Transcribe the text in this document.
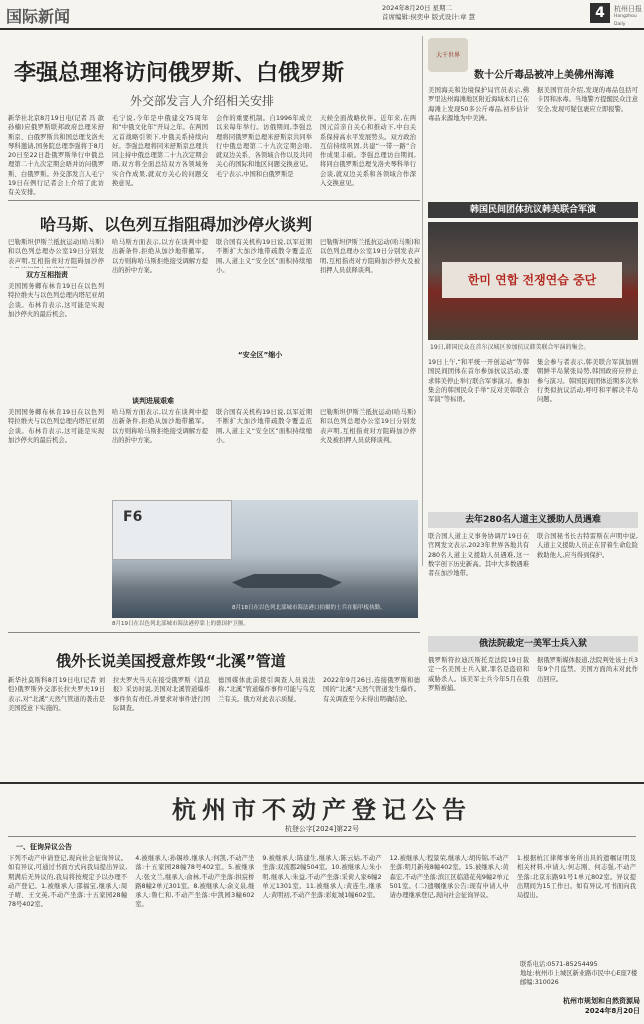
国际新闻	2024年8月20日 星期二
首席编辑:侯奕申 版式设计:章 慧	4	杭州日报
Hangzhou Daily
李强总理将访问俄罗斯、白俄罗斯
外交部发言人介绍相关安排

新华社北京8月19日电(记者 冯 歆 孙楠)应俄罗斯联邦政府总理米舒斯京、白俄罗斯共和国总理戈洛夫琴科邀请,国务院总理李强将于8月20日至22日赴俄罗斯举行中俄总理第二十九次定期会晤并访问俄罗斯、白俄罗斯。外交部发言人毛宁19日在例行记者会上介绍了此访有关安排。

毛宁说,今年是中俄建交75周年和“中俄文化年”开局之年。在两国元首战略引领下,中俄关系持续向好。李强总理将同米舒斯京总理共同主持中俄总理第二十九次定期会晤,双方将全面总结双方各领域务实合作成果,就双方关心的问题交换意见。

会作的重要机制。自1996年成立以来每年举行。访俄期间,李强总理将同俄罗斯总理米舒斯京共同举行中俄总理第二十九次定期会晤,就双边关系、各领域合作以及共同关心的国际和地区问题交换意见。毛宁表示,中国和白俄罗斯是

天候全面战略伙伴。近年来,在两国元首亲自关心和推动下,中白关系保持高水平发展势头。双方政治互信持续巩固,共建“一带一路”合作成果丰硕。李强总理访白期间,将同白俄罗斯总理戈洛夫琴科举行会谈,就双边关系和各领域合作深入交换意见。

大千世界
数十公斤毒品被冲上美佛州海滩

美国海关和边境保护局官员表示,佛罗里达州海滩地区附近海域本月已在海滩上发现50多公斤毒品,初步估计毒品来源地为中美洲。

据美国官员介绍,发现的毒品包括可卡因和冰毒。当地警方提醒民众注意安全,发现可疑包裹应立即报警。

韩国民间团体抗议韩美联合军演
한미 연합 전쟁연습 중단
19日,韩国民众在首尔汉城区参加抗议韩美联合军演的集会。

19日上午,“和平统一开创运动”等韩国民间团体在首尔参加抗议活动,要求韩美停止举行联合军事演习。参加集会的韩国民众手举“反对美韩联合军演”等标语。

集会参与者表示,韩美联合军演加剧朝鲜半岛紧张局势,韩国政府应停止参与演习。韩国民间团体近期多次举行类似抗议活动,呼吁和平解决半岛问题。

去年280名人道主义援助人员遇难

联合国人道主义事务协调厅19日在官网发文表示,2023年世界各地共有280名人道主义援助人员遇难,这一数字创下历史新高。其中大多数遇难者在加沙地带。

联合国秘书长古特雷斯在声明中说,人道主义援助人员正在冒着生命危险救助他人,应当得到保护。

哈马斯、以色列互指阻碍加沙停火谈判
巴勒斯坦伊斯兰抵抗运动(哈马斯)和以色列总理办公室19日分别发表声明,互相指责对方阻碍加沙停
双方互相指责
美国国务卿布林肯19日在以色列特拉维夫与以色列总理内塔尼亚胡会谈。布林肯表示,这可能是实现加沙停火的最后机会。
哈马斯方面表示,以方在谈判中提出新条件,拒绝从加沙地带撤军。以方则称哈马斯拒绝接受调解方提出的折中方案。
联合国有关机构19日说,以军近期不断扩大加沙地带疏散令覆盖范围,人道主义“安全区”面积持续缩小。
“安全区”缩小
巴勒斯坦伊斯兰抵抗运动(哈马斯)和以色列总理办公室19日分别发表声明,互相指责对方阻碍加沙停火及被扣押人员获释谈判。
谈判进展艰难
美国国务卿布林肯19日在以色列特拉维夫与以色列总理内塔尼亚胡会谈。布林肯表示,这可能是实现加沙停火的最后机会。
哈马斯方面表示,以方在谈判中提出新条件,拒绝从加沙地带撤军。以方则称哈马斯拒绝接受调解方提出的折中方案。
联合国有关机构19日说,以军近期不断扩大加沙地带疏散令覆盖范围,人道主义“安全区”面积持续缩小。
巴勒斯坦伊斯兰抵抗运动(哈马斯)和以色列总理办公室19日分别发表声明,互相指责对方阻碍加沙停火及被扣押人员获释谈判。
F6
8月18日在以色列北部城市海法港口拍摄的士兵在船甲板执勤。
8月19日在以色列北部城市海法港停靠上的德国护卫舰。
俄法院裁定一美军士兵入狱

俄罗斯符拉迪沃斯托克法院19日裁定一名美国士兵入狱,罪名是盗窃和威胁杀人。该美军士兵今年5月在俄罗斯被捕。

据俄罗斯媒体报道,法院判处该士兵3年9个月监禁。美国方面尚未对此作出回应。

俄外长说美国授意炸毁“北溪”管道

新华社莫斯科8月19日电(记者 刘恺)俄罗斯外交部长拉夫罗夫19日表示,对“北溪”天然气管道的袭击是美国授意下实施的。

拉夫罗夫当天在接受俄罗斯《消息报》采访时说,美国对北溪管道爆炸事件负有责任,并要求对事件进行国际调查。

德国媒体此前援引调查人员说法称,“北溪”管道爆炸事件可能与乌克兰有关。俄方对此表示质疑。

2022年9月26日,连接俄罗斯和德国的“北溪”天然气管道发生爆炸。有关调查至今未得出明确结论。

杭州市不动产登记公告
杭登公字[2024]第22号
一、征询异议公告

下列不动产申请登记,现向社会征询异议。如有异议,可通过书面方式向我局提出异议,期满后无异议的,我局将按规定予以办理不动产登记。1.被继承人:邵福宝,继承人:周子晴、王文英,不动产坐落:十五家园28幢78号402室。

4.被继承人:孙锡珍,继承人:何凯,不动产坐落:十五家园28幢78号402室。5.被继承人:张文兰,继承人:俞林,不动产坐落:拱宸桥路8幢2单元301室。8.被继承人:余义泉,继承人:鲁仁和,不动产坐落:中凯园3幢602室。

9.被继承人:陈建生,继承人:陈云姑,不动产坐落:双流郡2幢504室。10.被继承人:朱小明,继承人:朱益,不动产坐落:采荷人家6幢2单元1301室。11.被继承人:黄连生,继承人:黄明初,不动产坐落:彩虹城1幢602室。

12.被继承人:程景荣,继承人:胡传锦,不动产坐落:明月新苑8幢402室。15.被继承人:黄森宏,不动产坐落:滨江区临港花苑9幢2单元501室。(二)遗嘱继承公告:现有申请人申请办理继承登记,现向社会征询异议。

1.根据杭江律师事务所出具的遗嘱证明及相关材料,申请人:何志刚、何志强,不动产坐落:北京东路91号1单元802室。异议提出期间为15工作日。如有异议,可书面向我局提出。

联系电话:0571-85254495
地址:杭州市上城区新业路市民中心E座7楼
邮编:310026
杭州市规划和自然资源局
2024年8月20日
